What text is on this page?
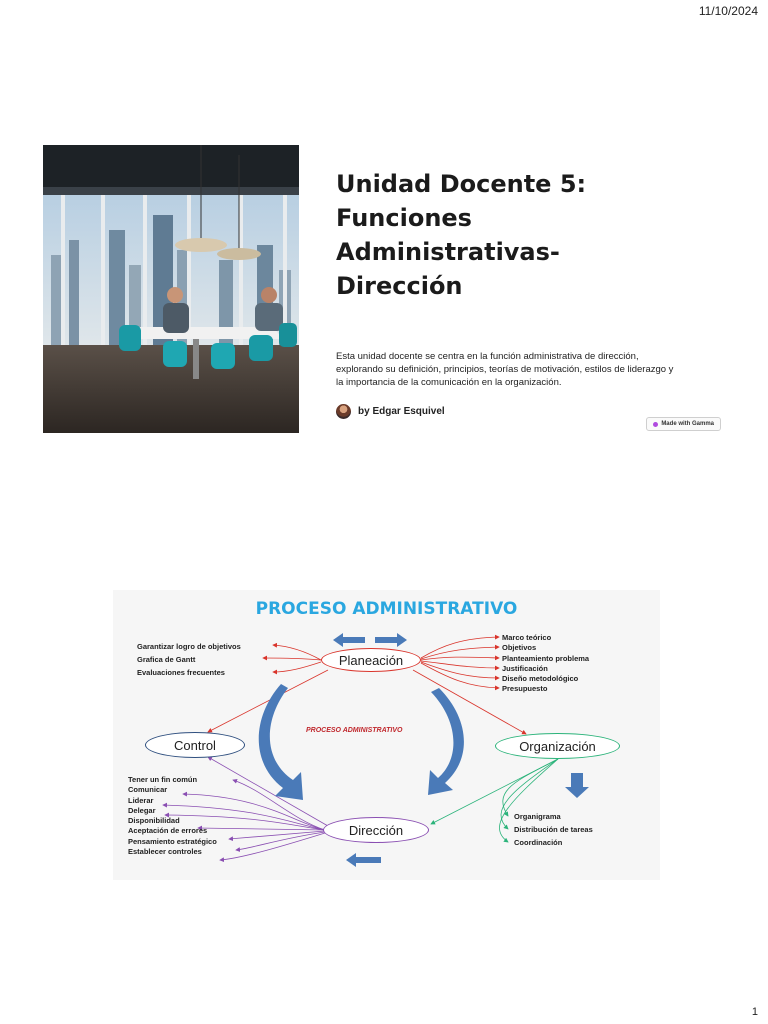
11/10/2024
Unidad Docente 5:
Funciones
Administrativas-
Dirección

Esta unidad docente se centra en la función administrativa de dirección, explorando su definición, principios, teorías de motivación, estilos de liderazgo y la importancia de la comunicación en la organización.

by Edgar Esquivel
Made with Gamma
PROCESO ADMINISTRATIVO
PROCESO ADMINISTRATIVO
Planeación
Control	Organización
Dirección
Garantizar logro de objetivos
Grafica de Gantt
Evaluaciones frecuentes
Marco teórico
Objetivos
Planteamiento problema
Justificación
Diseño metodológico
Presupuesto
Tener un fin común
Comunicar
Liderar
Delegar
Disponibilidad
Aceptación de errores
Pensamiento estratégico
Establecer controles
Organigrama
Distribución de tareas
Coordinación
1
